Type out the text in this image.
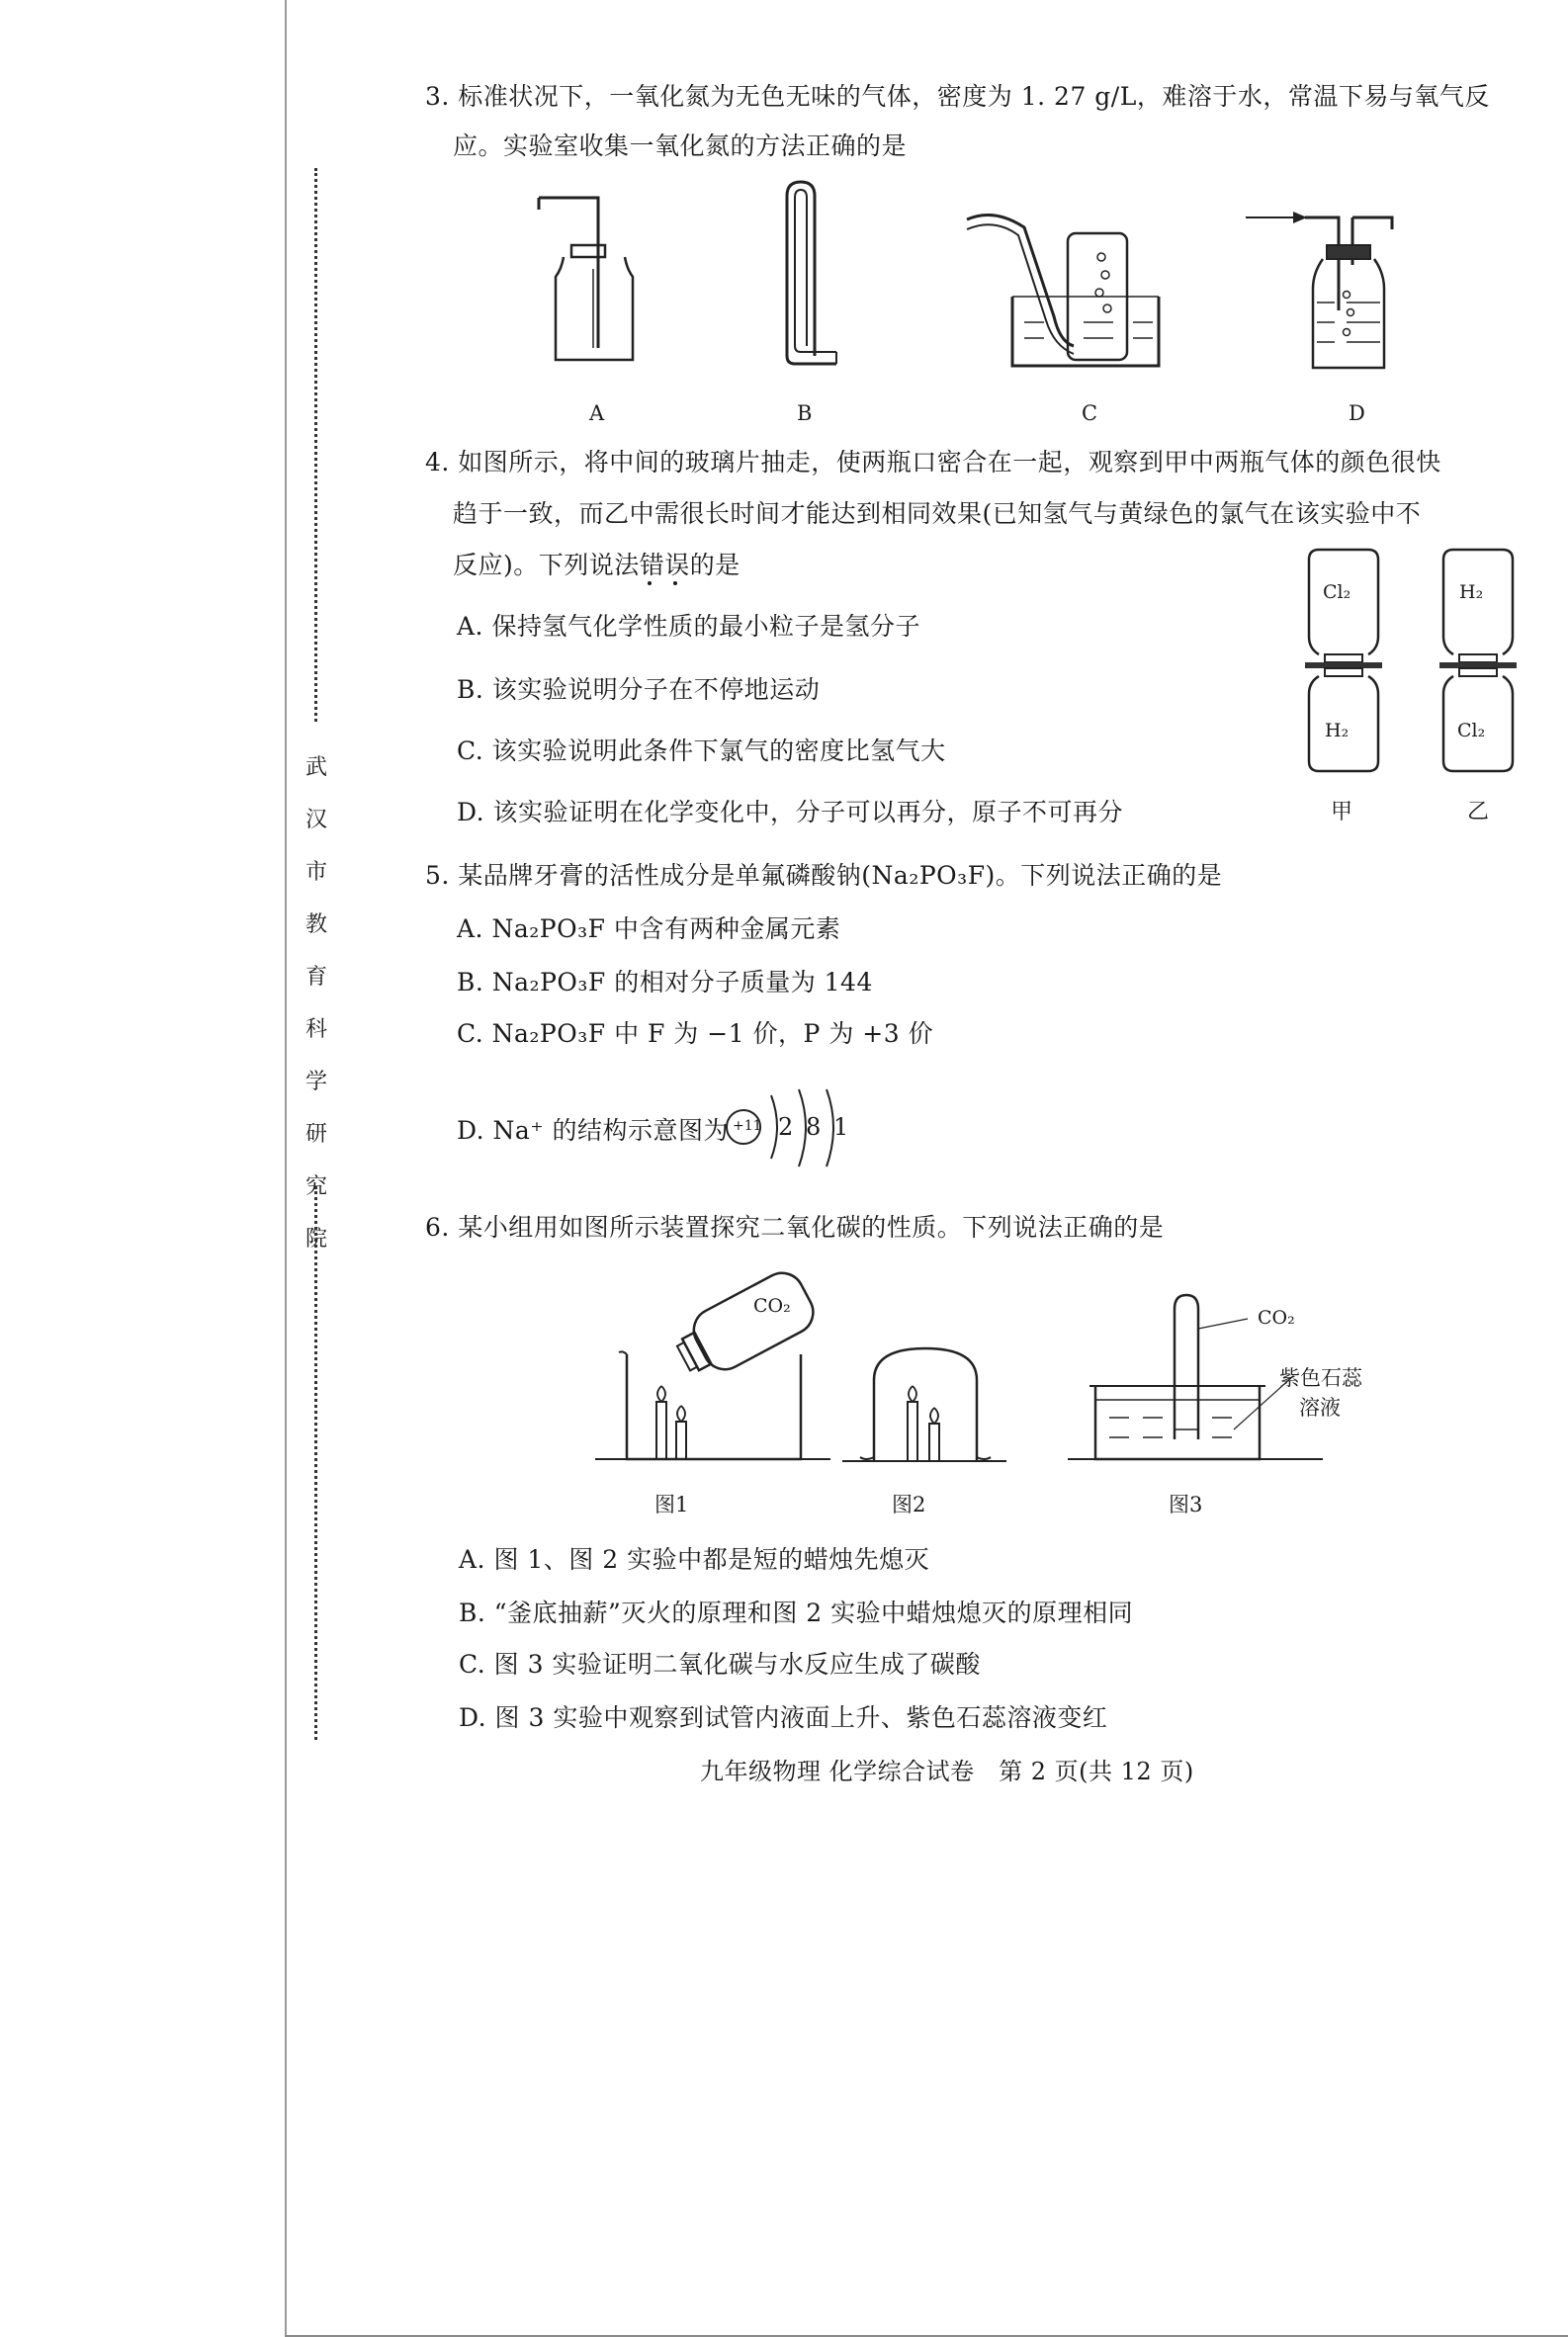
武
汉
市
教
育
科
学
研
究
院
3. 标准状况下，一氧化氮为无色无味的气体，密度为 1. 27 g/L，难溶于水，常温下易与氧气反
应。实验室收集一氧化氮的方法正确的是
A	B	C	D
4. 如图所示，将中间的玻璃片抽走，使两瓶口密合在一起，观察到甲中两瓶气体的颜色很快
趋于一致，而乙中需很长时间才能达到相同效果(已知氢气与黄绿色的氯气在该实验中不
反应)。下列说法错误的是
A. 保持氢气化学性质的最小粒子是氢分子
B. 该实验说明分子在不停地运动
C. 该实验说明此条件下氯气的密度比氢气大
D. 该实验证明在化学变化中，分子可以再分，原子不可再分
Cl₂
H₂
甲
H₂
Cl₂
乙
5. 某品牌牙膏的活性成分是单氟磷酸钠(Na₂PO₃F)。下列说法正确的是
A. Na₂PO₃F 中含有两种金属元素
B. Na₂PO₃F 的相对分子质量为 144
C. Na₂PO₃F 中 F 为 −1 价，P 为 +3 价
D. Na⁺ 的结构示意图为 +11 2 8 1
6. 某小组用如图所示装置探究二氧化碳的性质。下列说法正确的是
CO₂
图1	图2
CO₂
紫色石蕊
溶液
图3
A. 图 1、图 2 实验中都是短的蜡烛先熄灭
B. “釜底抽薪”灭火的原理和图 2 实验中蜡烛熄灭的原理相同
C. 图 3 实验证明二氧化碳与水反应生成了碳酸
D. 图 3 实验中观察到试管内液面上升、紫色石蕊溶液变红
九年级物理 化学综合试卷　第 2 页(共 12 页)
